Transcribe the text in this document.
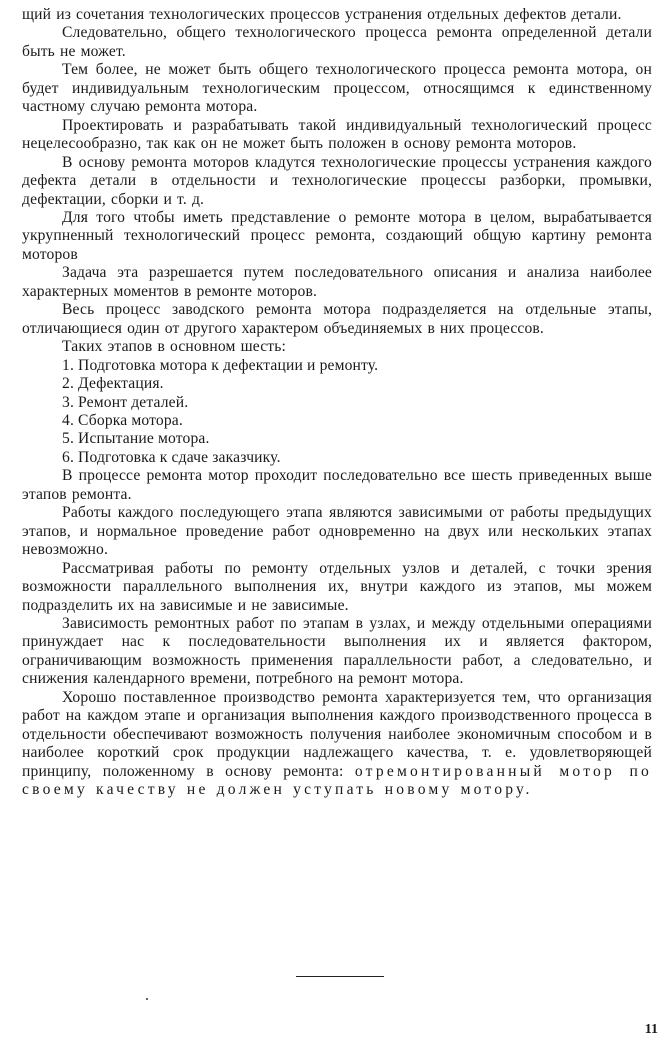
щий из сочетания технологических процессов устранения отдельных дефектов детали.

Следовательно, общего технологического процесса ремонта определенной детали быть не может.

Тем более, не может быть общего технологического процесса ремонта мотора, он будет индивидуальным технологическим процессом, относящимся к единственному частному случаю ремонта мотора.

Проектировать и разрабатывать такой индивидуальный технологический процесс нецелесообразно, так как он не может быть положен в основу ремонта моторов.

В основу ремонта моторов кладутся технологические процессы устранения каждого дефекта детали в отдельности и технологические процессы разборки, промывки, дефектации, сборки и т. д.

Для того чтобы иметь представление о ремонте мотора в целом, вырабатывается укрупненный технологический процесс ремонта, создающий общую картину ремонта моторов

Задача эта разрешается путем последовательного описания и анализа наиболее характерных моментов в ремонте моторов.

Весь процесс заводского ремонта мотора подразделяется на отдельные этапы, отличающиеся один от другого характером объединяемых в них процессов.

Таких этапов в основном шесть:

1. Подготовка мотора к дефектации и ремонту.
2. Дефектация.
3. Ремонт деталей.
4. Сборка мотора.
5. Испытание мотора.
6. Подготовка к сдаче заказчику.

В процессе ремонта мотор проходит последовательно все шесть приведенных выше этапов ремонта.

Работы каждого последующего этапа являются зависимыми от работы предыдущих этапов, и нормальное проведение работ одновременно на двух или нескольких этапах невозможно.

Рассматривая работы по ремонту отдельных узлов и деталей, с точки зрения возможности параллельного выполнения их, внутри каждого из этапов, мы можем подразделить их на зависимые и не зависимые.

Зависимость ремонтных работ по этапам в узлах, и между отдельными операциями принуждает нас к последовательности выполнения их и является фактором, ограничивающим возможность применения параллельности работ, а следовательно, и снижения календарного времени, потребного на ремонт мотора.

Хорошо поставленное производство ремонта характеризуется тем, что организация работ на каждом этапе и организация выполнения каждого производственного процесса в отдельности обеспечивают возможность получения наиболее экономичным способом и в наиболее короткий срок продукции надлежащего качества, т. е. удовлетворяющей принципу, положенному в основу ремонта: отремонтированный мотор по своему качеству не должен уступать новому мотору.

11
